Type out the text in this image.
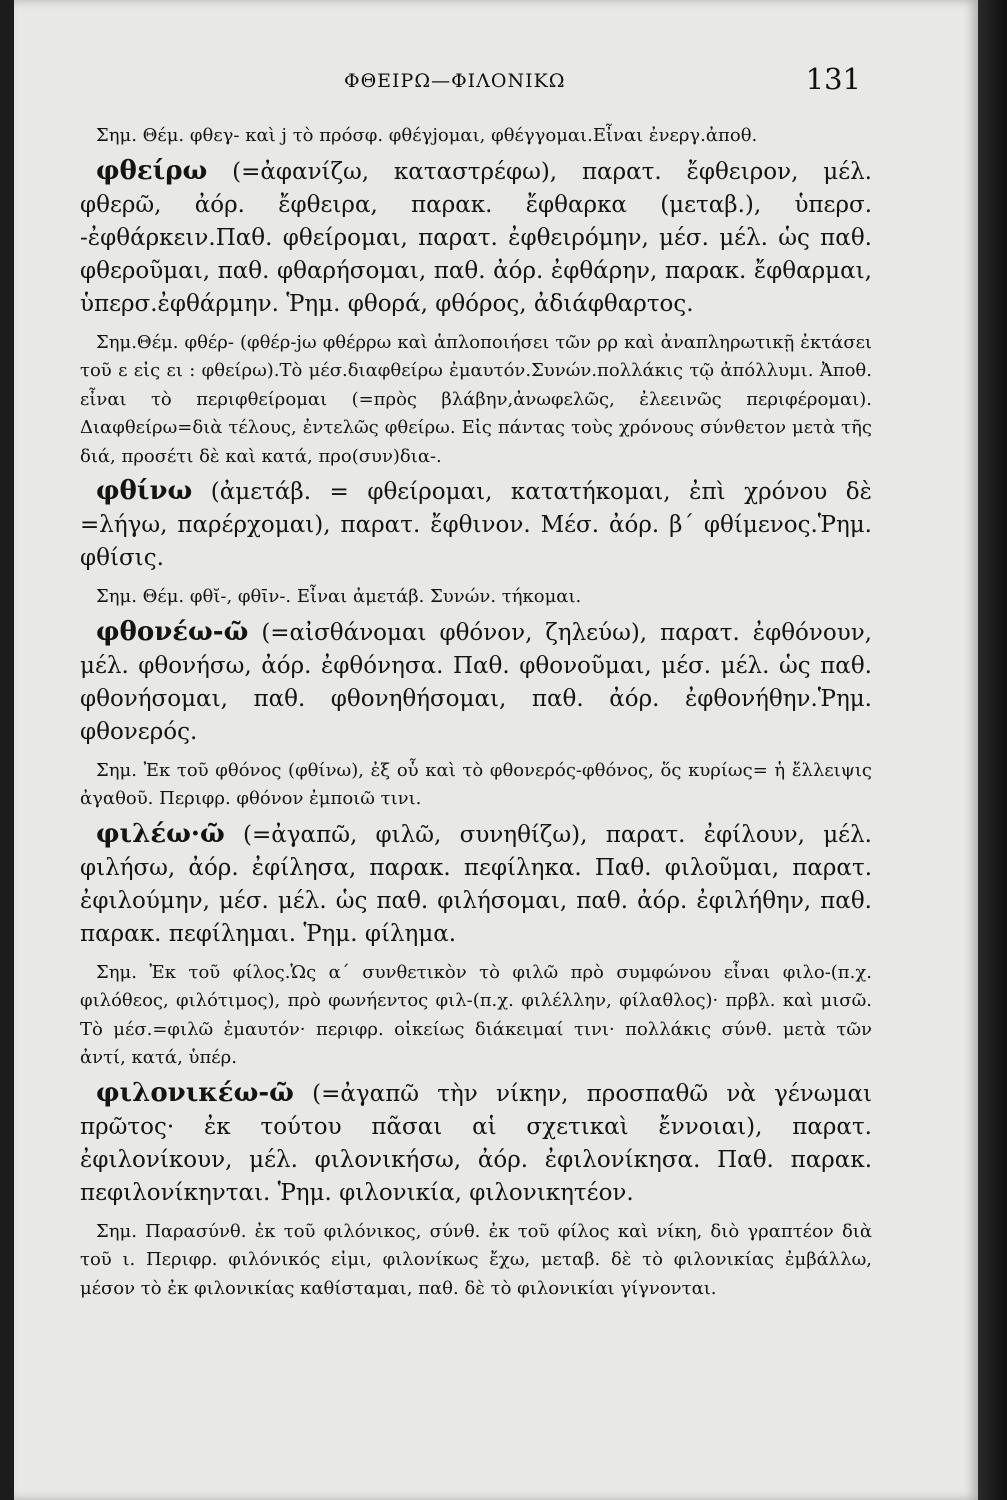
ΦΘΕΙΡΩ—ΦΙΛΟΝΙΚΩ	131

Σημ. Θέμ. φθεγ- καὶ j τὸ πρόσφ. φθέγjομαι, φθέγγομαι.Εἶναι ἐνεργ.ἀποθ.

φθείρω (=ἀφανίζω, καταστρέφω), παρατ. ἔφθειρον, μέλ. φθερῶ, ἀόρ. ἔφθειρα, παρακ. ἔφθαρκα (μεταβ.), ὑπερσ. -ἐφθάρκειν.Παθ. φθείρομαι, παρατ. ἐφθειρόμην, μέσ. μέλ. ὡς παθ. φθεροῦμαι, παθ. φθαρήσομαι, παθ. ἀόρ. ἐφθάρην, παρακ. ἔφθαρμαι, ὑπερσ.ἐφθάρμην. Ῥημ. φθορά, φθόρος, ἀδιάφθαρτος.

Σημ.Θέμ. φθέρ- (φθέρ-jω φθέρρω καὶ ἁπλοποιήσει τῶν ρρ καὶ ἀναπληρωτικῇ ἐκτάσει τοῦ ε εἰς ει : φθείρω).Τὸ μέσ.διαφθείρω ἐμαυτόν.Συνών.πολλάκις τῷ ἀπόλλυμι. Ἀποθ. εἶναι τὸ περιφθείρομαι (=πρὸς βλάβην,ἀνωφελῶς, ἐλεεινῶς περιφέρομαι). Διαφθείρω=διὰ τέλους, ἐντελῶς φθείρω. Εἰς πάντας τοὺς χρόνους σύνθετον μετὰ τῆς διά, προσέτι δὲ καὶ κατά, προ(συν)δια-.

φθίνω (ἀμετάβ. = φθείρομαι, κατατήκομαι, ἐπὶ χρόνου δὲ =λήγω, παρέρχομαι), παρατ. ἔφθινον. Μέσ. ἀόρ. β΄ φθίμενος.Ῥημ. φθίσις.

Σημ. Θέμ. φθῐ-, φθῑν-. Εἶναι ἀμετάβ. Συνών. τήκομαι.

φθονέω-ῶ (=αἰσθάνομαι φθόνον, ζηλεύω), παρατ. ἐφθόνουν, μέλ. φθονήσω, ἀόρ. ἐφθόνησα. Παθ. φθονοῦμαι, μέσ. μέλ. ὡς παθ. φθονήσομαι, παθ. φθονηθήσομαι, παθ. ἀόρ. ἐφθονήθην.Ῥημ. φθονερός.

Σημ. Ἐκ τοῦ φθόνος (φθίνω), ἐξ οὗ καὶ τὸ φθονερός-φθόνος, ὅς κυρίως= ἡ ἔλλειψις ἀγαθοῦ. Περιφρ. φθόνον ἐμποιῶ τινι.

φιλέω·ῶ (=ἀγαπῶ, φιλῶ, συνηθίζω), παρατ. ἐφίλουν, μέλ. φιλήσω, ἀόρ. ἐφίλησα, παρακ. πεφίληκα. Παθ. φιλοῦμαι, παρατ. ἐφιλούμην, μέσ. μέλ. ὡς παθ. φιλήσομαι, παθ. ἀόρ. ἐφιλήθην, παθ. παρακ. πεφίλημαι. Ῥημ. φίλημα.

Σημ. Ἐκ τοῦ φίλος.Ὡς α΄ συνθετικὸν τὸ φιλῶ πρὸ συμφώνου εἶναι φιλο-(π.χ. φιλόθεος, φιλότιμος), πρὸ φωνήεντος φιλ-(π.χ. φιλέλλην, φίλαθλος)· πρβλ. καὶ μισῶ. Τὸ μέσ.=φιλῶ ἐμαυτόν· περιφρ. οἰκείως διάκειμαί τινι· πολλάκις σύνθ. μετὰ τῶν ἀντί, κατά, ὑπέρ.

φιλονικέω-ῶ (=ἀγαπῶ τὴν νίκην, προσπαθῶ νὰ γένωμαι πρῶτος· ἐκ τούτου πᾶσαι αἱ σχετικαὶ ἔννοιαι), παρατ. ἐφιλονίκουν, μέλ. φιλονικήσω, ἀόρ. ἐφιλονίκησα. Παθ. παρακ. πεφιλονίκηνται. Ῥημ. φιλονικία, φιλονικητέον.

Σημ. Παρασύνθ. ἐκ τοῦ φιλόνικος, σύνθ. ἐκ τοῦ φίλος καὶ νίκη, διὸ γραπτέον διὰ τοῦ ι. Περιφρ. φιλόνικός εἰμι, φιλονίκως ἔχω, μεταβ. δὲ τὸ φιλονικίας ἐμβάλλω, μέσον τὸ ἐκ φιλονικίας καθίσταμαι, παθ. δὲ τὸ φιλονικίαι γίγνονται.
